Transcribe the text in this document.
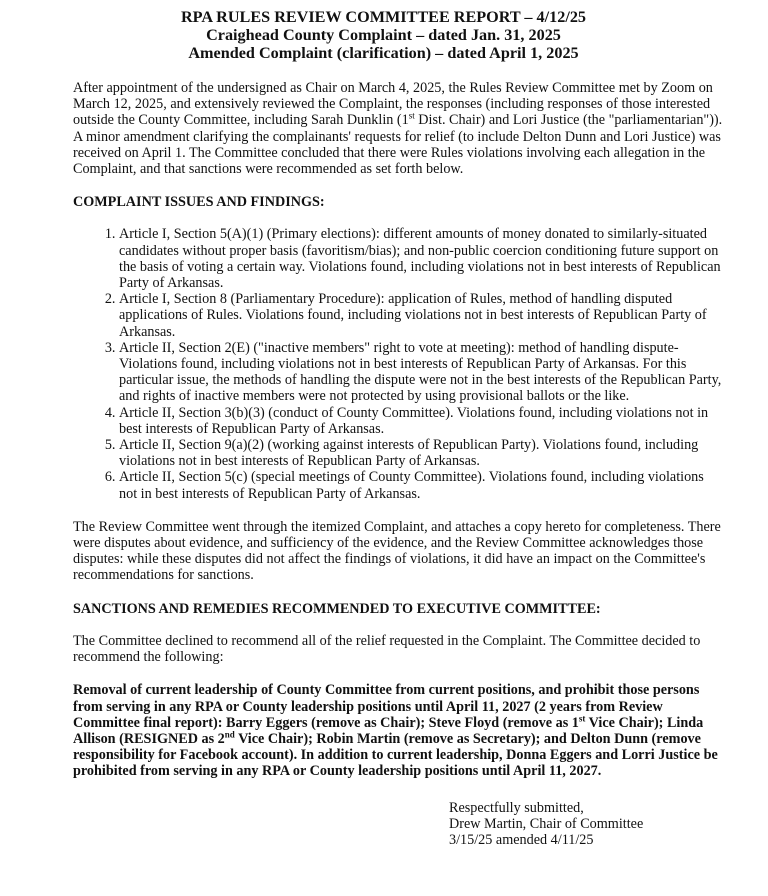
RPA RULES REVIEW COMMITTEE REPORT – 4/12/25
Craighead County Complaint – dated Jan. 31, 2025
Amended Complaint (clarification) – dated April 1, 2025

After appointment of the undersigned as Chair on March 4, 2025, the Rules Review Committee met by Zoom on March 12, 2025, and extensively reviewed the Complaint, the responses (including responses of those interested outside the County Committee, including Sarah Dunklin (1st Dist. Chair) and Lori Justice (the "parliamentarian")). A minor amendment clarifying the complainants' requests for relief (to include Delton Dunn and Lori Justice) was received on April 1. The Committee concluded that there were Rules violations involving each allegation in the Complaint, and that sanctions were recommended as set forth below.

COMPLAINT ISSUES AND FINDINGS:
1. Article I, Section 5(A)(1) (Primary elections): different amounts of money donated to similarly-situated candidates without proper basis (favoritism/bias); and non-public coercion conditioning future support on the basis of voting a certain way. Violations found, including violations not in best interests of Republican Party of Arkansas.
2. Article I, Section 8 (Parliamentary Procedure): application of Rules, method of handling disputed applications of Rules. Violations found, including violations not in best interests of Republican Party of Arkansas.
3. Article II, Section 2(E) ("inactive members" right to vote at meeting): method of handling dispute- Violations found, including violations not in best interests of Republican Party of Arkansas. For this particular issue, the methods of handling the dispute were not in the best interests of the Republican Party, and rights of inactive members were not protected by using provisional ballots or the like.
4. Article II, Section 3(b)(3) (conduct of County Committee). Violations found, including violations not in best interests of Republican Party of Arkansas.
5. Article II, Section 9(a)(2) (working against interests of Republican Party). Violations found, including violations not in best interests of Republican Party of Arkansas.
6. Article II, Section 5(c) (special meetings of County Committee). Violations found, including violations not in best interests of Republican Party of Arkansas.

The Review Committee went through the itemized Complaint, and attaches a copy hereto for completeness. There were disputes about evidence, and sufficiency of the evidence, and the Review Committee acknowledges those disputes: while these disputes did not affect the findings of violations, it did have an impact on the Committee's recommendations for sanctions.

SANCTIONS AND REMEDIES RECOMMENDED TO EXECUTIVE COMMITTEE:

The Committee declined to recommend all of the relief requested in the Complaint. The Committee decided to recommend the following:

Removal of current leadership of County Committee from current positions, and prohibit those persons from serving in any RPA or County leadership positions until April 11, 2027 (2 years from Review Committee final report): Barry Eggers (remove as Chair); Steve Floyd (remove as 1st Vice Chair); Linda Allison (RESIGNED as 2nd Vice Chair); Robin Martin (remove as Secretary); and Delton Dunn (remove responsibility for Facebook account). In addition to current leadership, Donna Eggers and Lorri Justice be prohibited from serving in any RPA or County leadership positions until April 11, 2027.

Respectfully submitted,
Drew Martin, Chair of Committee
3/15/25 amended 4/11/25
